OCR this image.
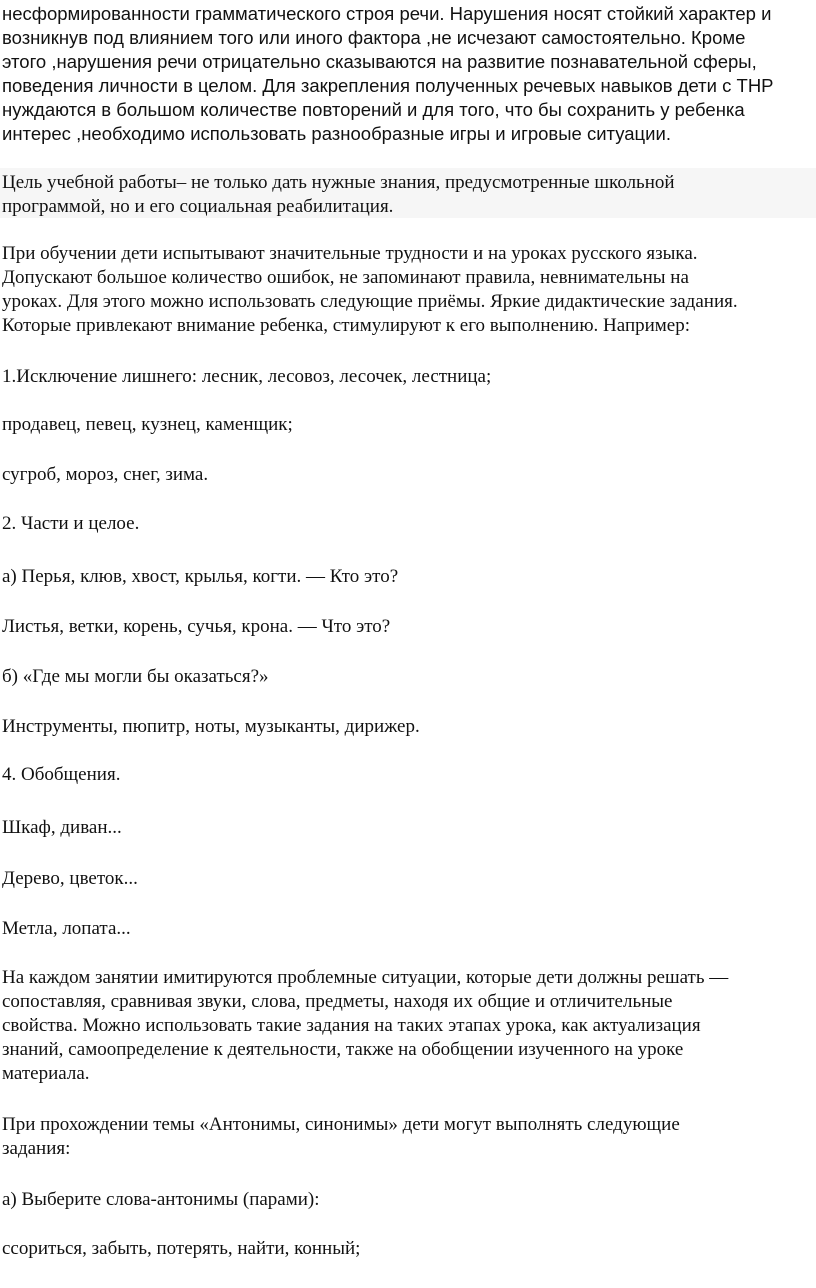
несформированности грамматического строя речи. Нарушения носят стойкий характер и
возникнув под влиянием того или иного фактора ,не исчезают самостоятельно. Кроме
этого ,нарушения речи отрицательно сказываются на развитие познавательной сферы,
поведения личности в целом. Для закрепления полученных речевых навыков дети с ТНР
нуждаются в большом количестве повторений и для того, что бы сохранить у ребенка
интерес ,необходимо использовать разнообразные игры и игровые ситуации.

Цель учебной работы– не только дать нужные знания, предусмотренные школьной
программой, но и его социальная реабилитация.

При обучении дети испытывают значительные трудности и на уроках русского языка.
Допускают большое количество ошибок, не запоминают правила, невнимательны на
уроках. Для этого можно использовать следующие приёмы. Яркие дидактические задания.
Которые привлекают внимание ребенка, стимулируют к его выполнению. Например:

1.Исключение лишнего: лесник, лесовоз, лесочек, лестница;

продавец, певец, кузнец, каменщик;

сугроб, мороз, снег, зима.

2. Части и целое.

а) Перья, клюв, хвост, крылья, когти. — Кто это?

Листья, ветки, корень, сучья, крона. — Что это?

б) «Где мы могли бы оказаться?»

Инструменты, пюпитр, ноты, музыканты, дирижер.

4. Обобщения.

Шкаф, диван...

Дерево, цветок...

Метла, лопата...

На каждом занятии имитируются проблемные ситуации, которые дети должны решать —
сопоставляя, сравнивая звуки, слова, предметы, находя их общие и отличительные
свойства. Можно использовать такие задания на таких этапах урока, как актуализация
знаний, самоопределение к деятельности, также на обобщении изученного на уроке
материала.

При прохождении темы «Антонимы, синонимы» дети могут выполнять следующие
задания:

а) Выберите слова-антонимы (парами):

ссориться, забыть, потерять, найти, конный;
